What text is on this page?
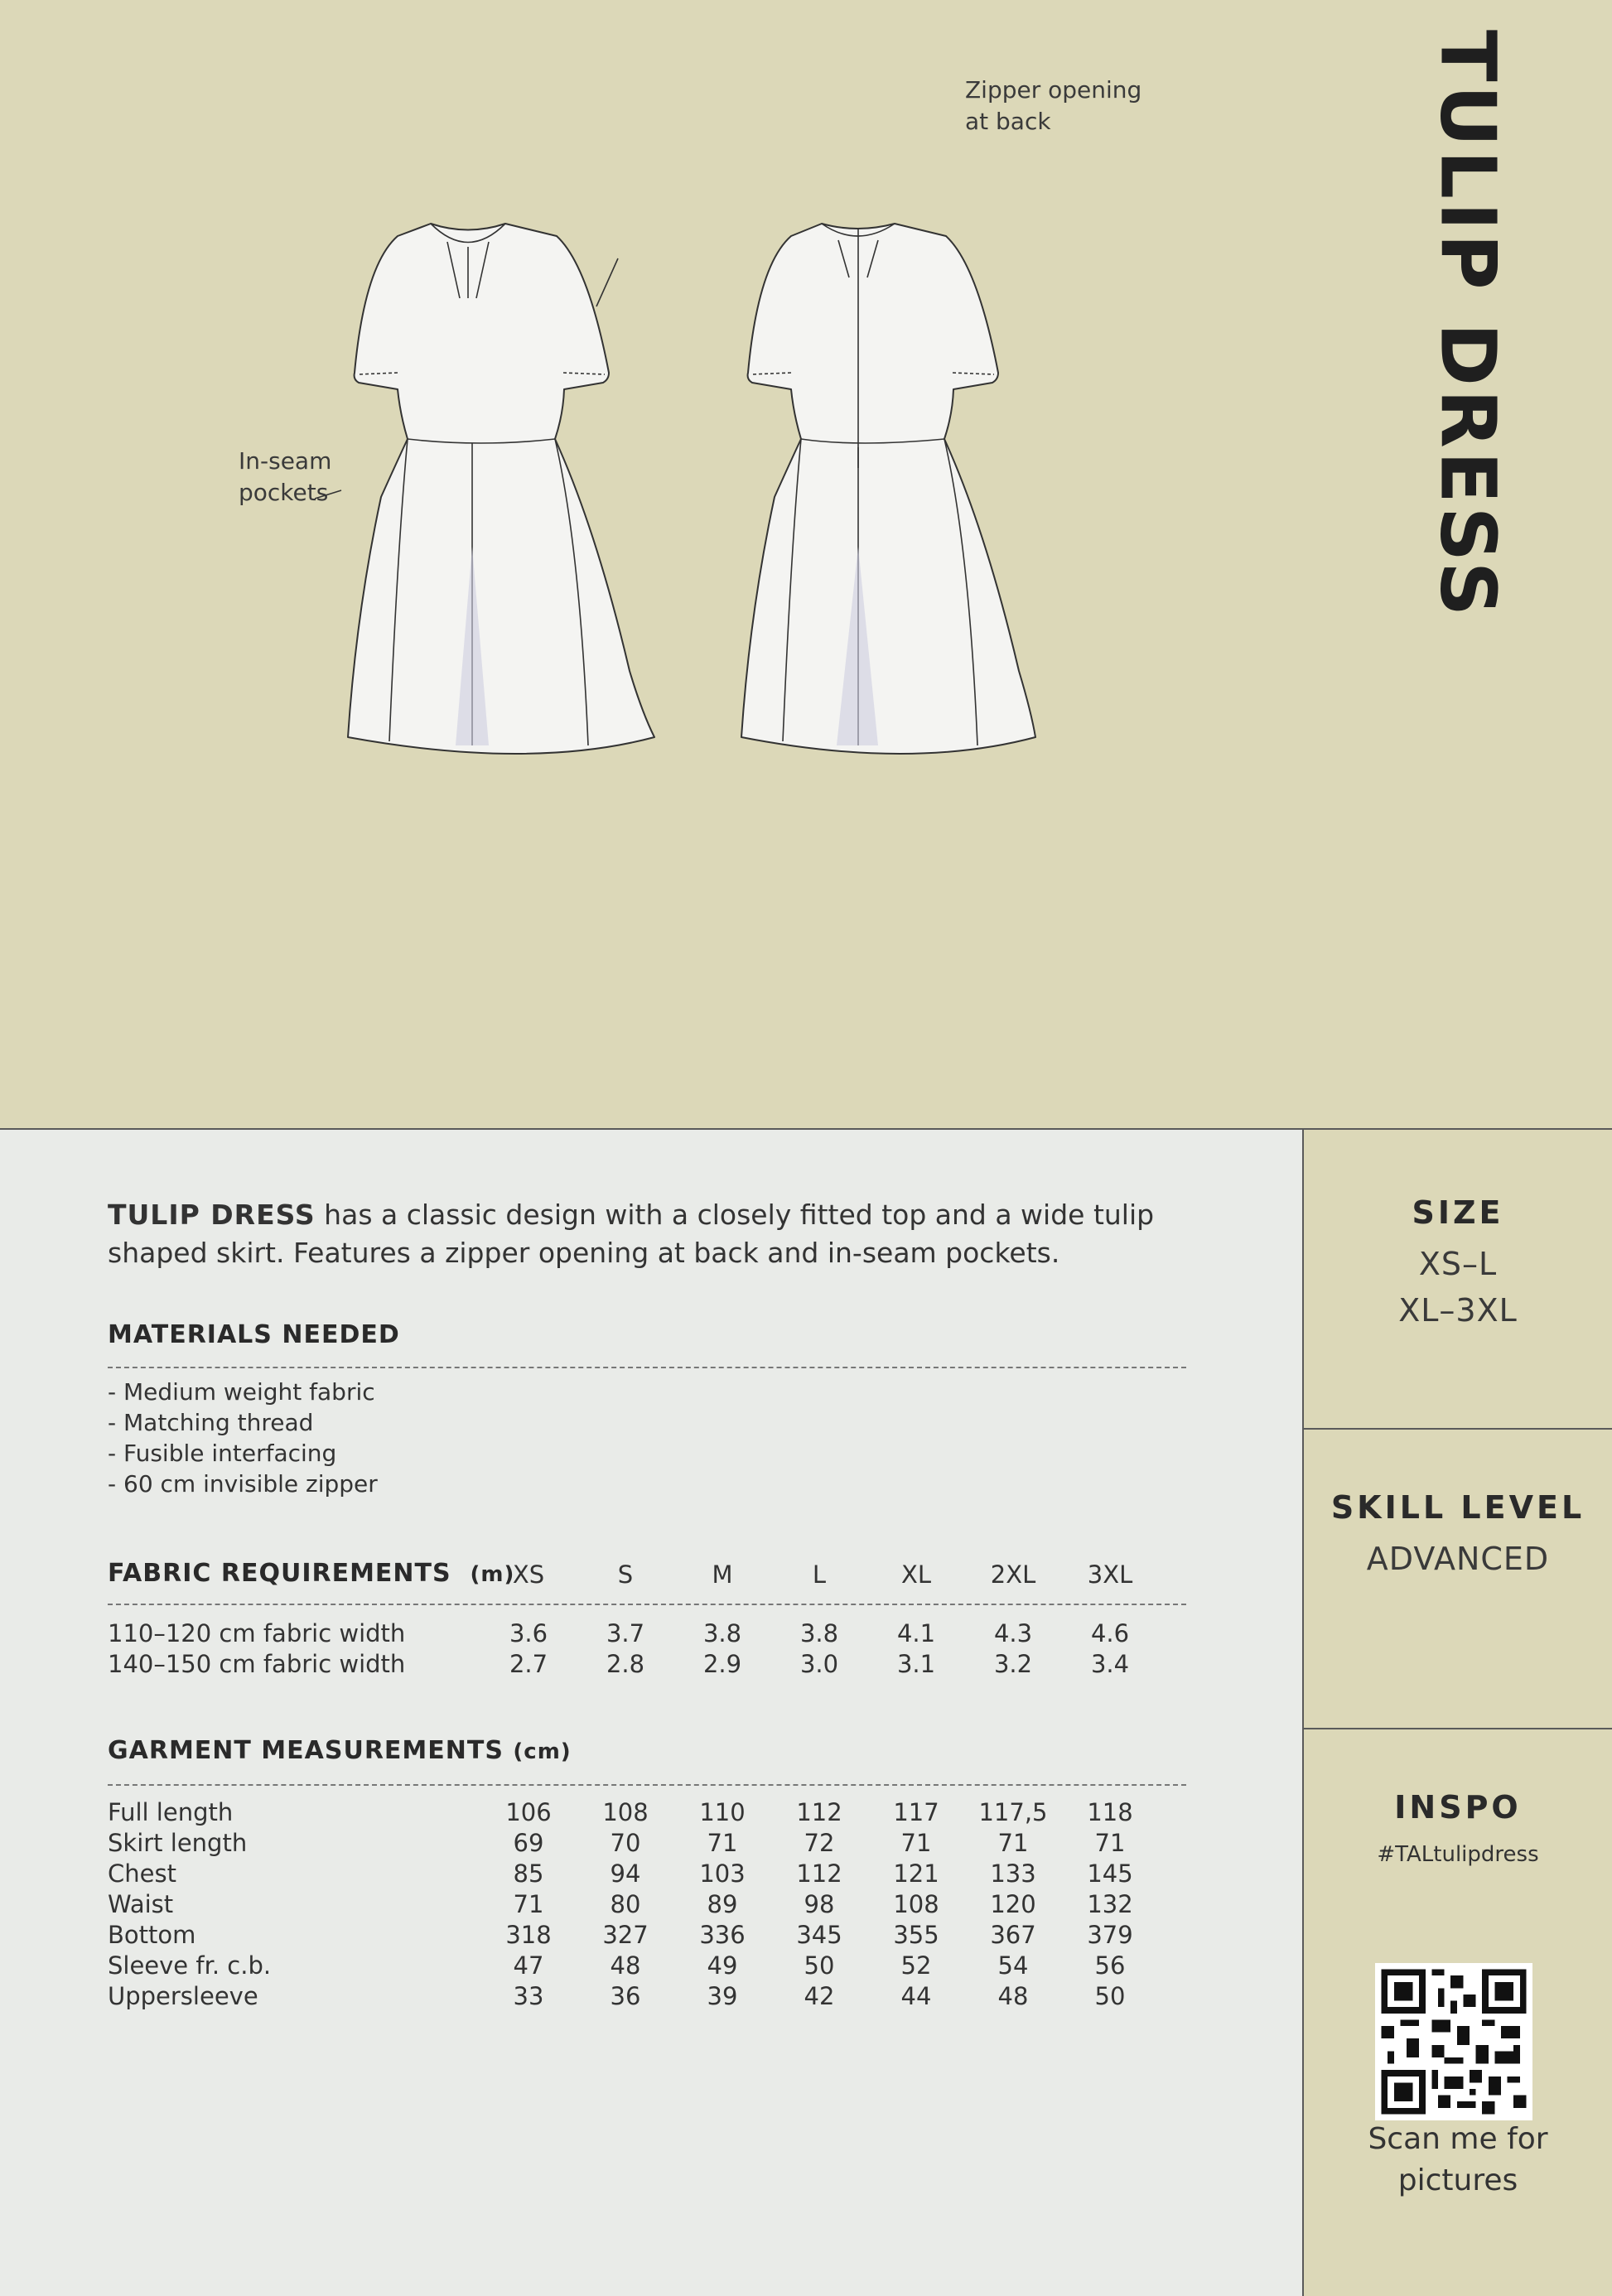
TULIP DRESS
Zipper opening
at back
In-seam
pockets
TULIP DRESS has a classic design with a closely fitted top and a wide tulip shaped skirt. Features a zipper opening at back and in-seam pockets.
MATERIALS NEEDED
- Medium weight fabric
- Matching thread
- Fusible interfacing
- 60 cm invisible zipper
FABRIC REQUIREMENTS (m)
XS	S	M	L	XL	2XL	3XL
110–120 cm fabric width	3.6	3.7	3.8	3.8	4.1	4.3	4.6
140–150 cm fabric width	2.7	2.8	2.9	3.0	3.1	3.2	3.4
GARMENT MEASUREMENTS (cm)
Full length	106	108	110	112	117	117,5	118
Skirt length	69	70	71	72	71	71	71
Chest	85	94	103	112	121	133	145
Waist	71	80	89	98	108	120	132
Bottom	318	327	336	345	355	367	379
Sleeve fr. c.b.	47	48	49	50	52	54	56
Uppersleeve	33	36	39	42	44	48	50
SIZE
XS–L
XL–3XL
SKILL LEVEL
ADVANCED
INSPO
#TALtulipdress
Scan me for
pictures
